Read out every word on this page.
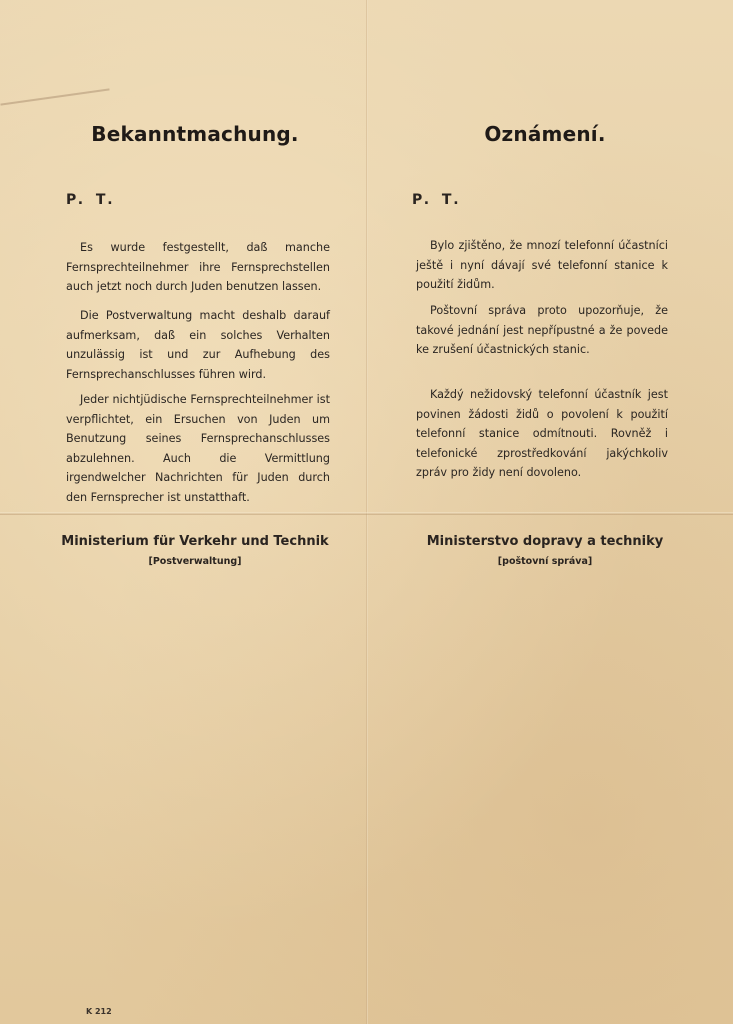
Bekanntmachung.
P. T.

Es wurde festgestellt, daß manche Fernsprechteilnehmer ihre Fernsprechstellen auch jetzt noch durch Juden benutzen lassen.

Die Postverwaltung macht deshalb darauf aufmerksam, daß ein solches Verhalten unzulässig ist und zur Aufhebung des Fernsprechanschlusses führen wird.

Jeder nichtjüdische Fernsprechteilnehmer ist verpflichtet, ein Ersuchen von Juden um Benutzung seines Fernsprechanschlusses abzulehnen. Auch die Vermittlung irgendwelcher Nachrichten für Juden durch den Fernsprecher ist unstatthaft.

Ministerium für Verkehr und Technik
[Postverwaltung]
Oznámení.
P. T.

Bylo zjištěno, že mnozí telefonní účastníci ještě i nyní dávají své telefonní stanice k použití židům.

Poštovní správa proto upozorňuje, že takové jednání jest nepřípustné a že povede ke zrušení účastnických stanic.

Každý nežidovský telefonní účastník jest povinen žádosti židů o povolení k použití telefonní stanice odmítnouti. Rovněž i telefonické zprostředkování jakýchkoliv zpráv pro židy není dovoleno.

Ministerstvo dopravy a techniky
[poštovní správa]
K 212
